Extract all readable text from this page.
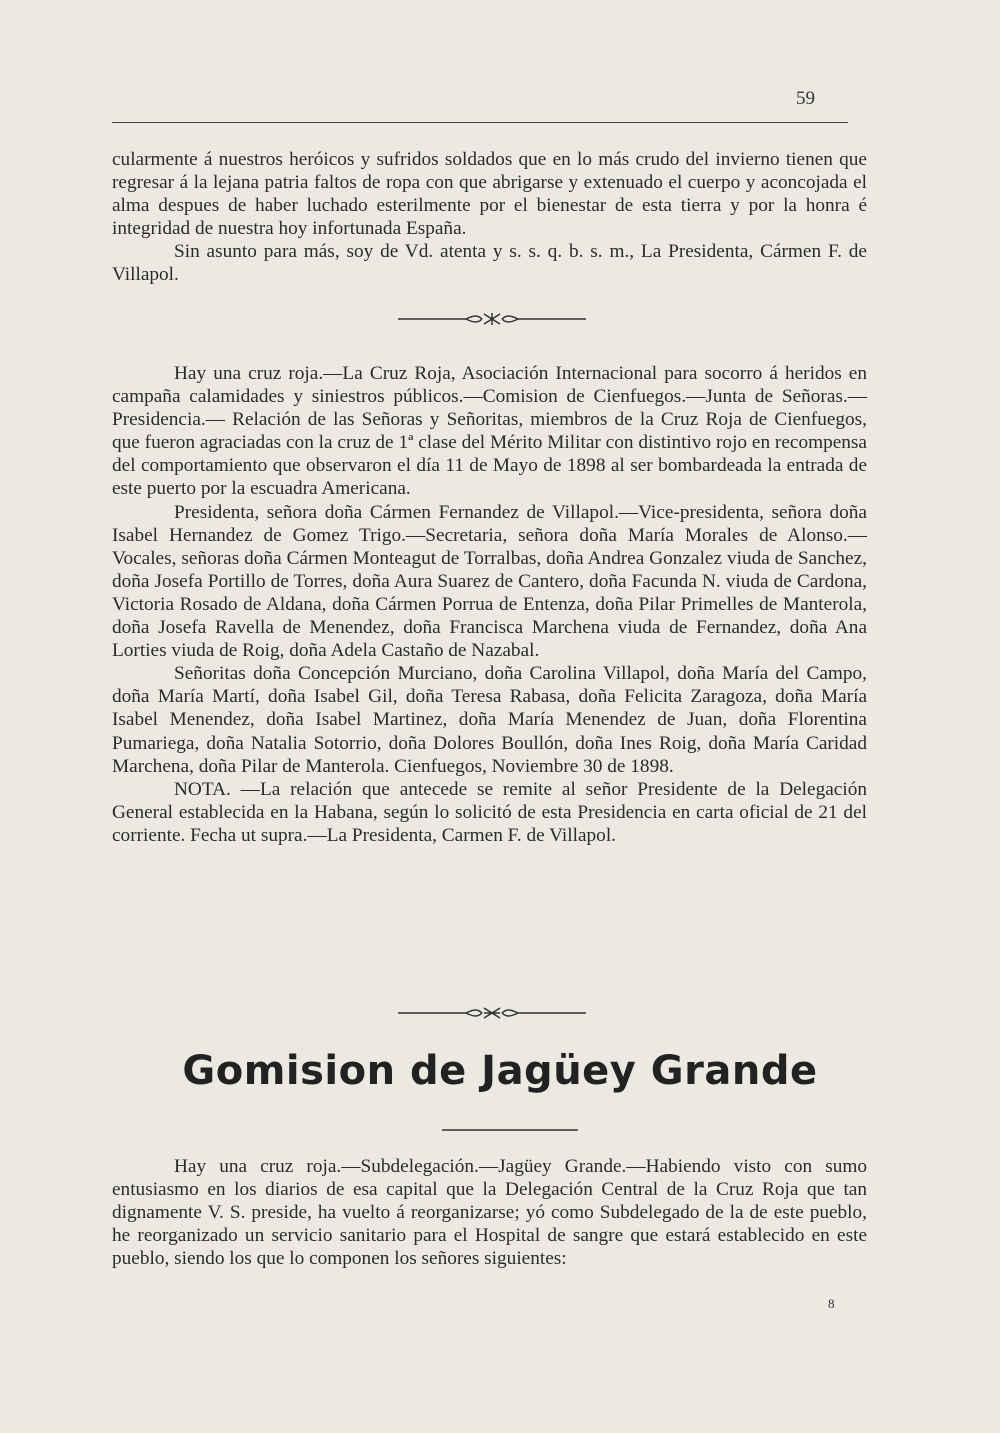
59

cularmente á nuestros heróicos y sufridos soldados que en lo más crudo del invierno tienen que regresar á la lejana patria faltos de ropa con que abrigarse y extenuado el cuerpo y aconcojada el alma despues de haber luchado esterilmente por el bienestar de esta tierra y por la honra é integridad de nuestra hoy infortunada España.

Sin asunto para más, soy de Vd. atenta y s. s. q. b. s. m., La Presidenta, Cármen F. de Villapol.

Hay una cruz roja.—La Cruz Roja, Asociación Internacional para socorro á heridos en campaña calamidades y siniestros públicos.—Comision de Cienfuegos.—Junta de Señoras.—Presidencia.— Relación de las Señoras y Señoritas, miembros de la Cruz Roja de Cienfuegos, que fueron agraciadas con la cruz de 1ª clase del Mérito Militar con distintivo rojo en recompensa del comportamiento que observaron el día 11 de Mayo de 1898 al ser bombardeada la entrada de este puerto por la escuadra Americana.

Presidenta, señora doña Cármen Fernandez de Villapol.—Vice-presidenta, señora doña Isabel Hernandez de Gomez Trigo.—Secretaria, señora doña María Morales de Alonso.—Vocales, señoras doña Cármen Monteagut de Torralbas, doña Andrea Gonzalez viuda de Sanchez, doña Josefa Portillo de Torres, doña Aura Suarez de Cantero, doña Facunda N. viuda de Cardona, Victoria Rosado de Aldana, doña Cármen Porrua de Entenza, doña Pilar Primelles de Manterola, doña Josefa Ravella de Menendez, doña Francisca Marchena viuda de Fernandez, doña Ana Lorties viuda de Roig, doña Adela Castaño de Nazabal.

Señoritas doña Concepción Murciano, doña Carolina Villapol, doña María del Campo, doña María Martí, doña Isabel Gil, doña Teresa Rabasa, doña Felicita Zaragoza, doña María Isabel Menendez, doña Isabel Martinez, doña María Menendez de Juan, doña Florentina Pumariega, doña Natalia Sotorrio, doña Dolores Boullón, doña Ines Roig, doña María Caridad Marchena, doña Pilar de Manterola. Cienfuegos, Noviembre 30 de 1898.

NOTA. —La relación que antecede se remite al señor Presidente de la Delegación General establecida en la Habana, según lo solicitó de esta Presidencia en carta oficial de 21 del corriente. Fecha ut supra.—La Presidenta, Carmen F. de Villapol.

Gomision de Jagüey Grande

Hay una cruz roja.—Subdelegación.—Jagüey Grande.—Habiendo visto con sumo entusiasmo en los diarios de esa capital que la Delegación Central de la Cruz Roja que tan dignamente V. S. preside, ha vuelto á reorganizarse; yó como Subdelegado de la de este pueblo, he reorganizado un servicio sanitario para el Hospital de sangre que estará establecido en este pueblo, siendo los que lo componen los señores siguientes:

8
